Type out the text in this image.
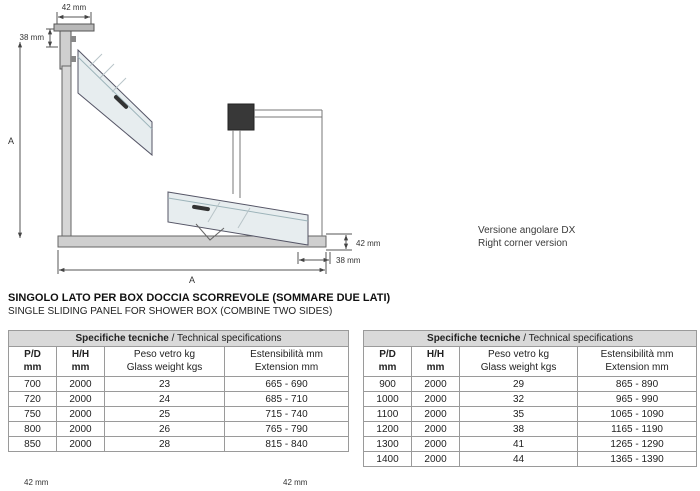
42 mm
38 mm
A
42 mm
38 mm
A
Versione angolare DX
Right corner version
SINGOLO LATO PER BOX DOCCIA SCORREVOLE (SOMMARE DUE LATI)
SINGLE SLIDING PANEL FOR SHOWER BOX (COMBINE TWO SIDES)
Specifiche tecniche / Technical specifications			

P/D
mm

H/H
mm

Peso vetro kg
Glass weight kgs

Estensibilità mm
Extension mm

700	2000	23	665 - 690
720	2000	24	685 - 710
750	2000	25	715 - 740
800	2000	26	765 - 790
850	2000	28	815 - 840
Specifiche tecniche / Technical specifications			

P/D
mm

H/H
mm

Peso vetro kg
Glass weight kgs

Estensibilità mm
Extension mm

900	2000	29	865 - 890
1000	2000	32	965 - 990
1100	2000	35	1065 - 1090
1200	2000	38	1165 - 1190
1300	2000	41	1265 - 1290
1400	2000	44	1365 - 1390
42 mm	42 mm
